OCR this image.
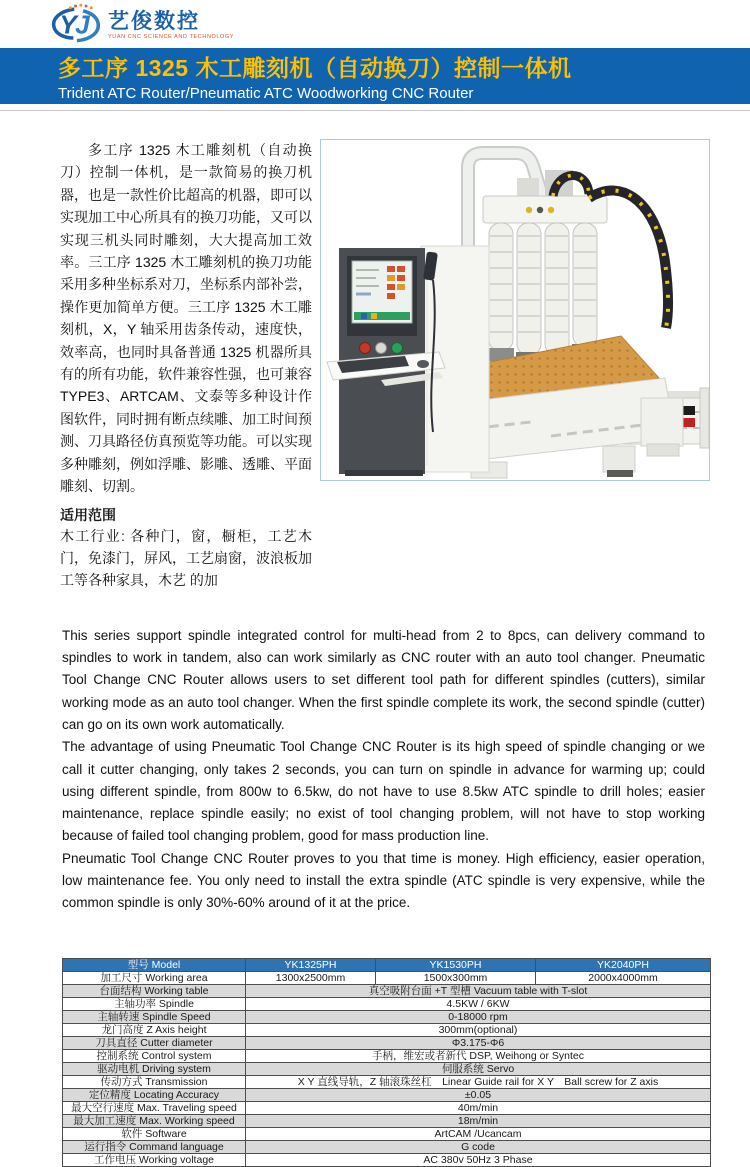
Y
J 艺俊数控
YUAN CNC SCIENCE AND TECHNOLOGY
多工序 1325 木工雕刻机（自动换刀）控制一体机
Trident ATC Router/Pneumatic ATC Woodworking CNC Router

多工序 1325 木工雕刻机（自动换刀）控制一体机，是一款简易的换刀机器，也是一款性价比超高的机器，即可以实现加工中心所具有的换刀功能，又可以实现三机头同时雕刻，大大提高加工效率。三工序 1325 木工雕刻机的换刀功能采用多种坐标系对刀，坐标系内部补尝，操作更加简单方便。三工序 1325 木工雕刻机，X，Y 轴采用齿条传动，速度快，效率高，也同时具备普通 1325 机器所具有的所有功能，软件兼容性强，也可兼容 TYPE3、ARTCAM、文泰等多种设计作图软件，同时拥有断点续雕、加工时间预测、刀具路径仿真预览等功能。可以实现多种雕刻，例如浮雕、影雕、透雕、平面雕刻、切割。

适用范围

木工行业: 各种门，窗，橱柜，工艺木门，免漆门，屏风，工艺扇窗，波浪板加工等各种家具，木艺 的加

This series support spindle integrated control for multi-head from 2 to 8pcs, can delivery command to spindles to work in tandem, also can work similarly as CNC router with an auto tool changer. Pneumatic Tool Change CNC Router allows users to set different tool path for different spindles (cutters), similar working mode as an auto tool changer. When the first spindle complete its work, the second spindle (cutter) can go on its own work automatically.

The advantage of using Pneumatic Tool Change CNC Router is its high speed of spindle changing or we call it cutter changing, only takes 2 seconds, you can turn on spindle in advance for warming up; could using different spindle, from 800w to 6.5kw, do not have to use 8.5kw ATC spindle to drill holes; easier maintenance, replace spindle easily; no exist of tool changing problem, will not have to stop working because of failed tool changing problem, good for mass production line.

Pneumatic Tool Change CNC Router proves to you that time is money. High efficiency, easier operation, low maintenance fee. You only need to install the extra spindle (ATC spindle is very expensive, while the common spindle is only 30%-60% around of it at the price.

型号 Model	YK1325PH	YK1530PH	YK2040PH
加工尺寸 Working area	1300x2500mm	1500x300mm	2000x4000mm
台面结构 Working table	真空吸附台面 +T 型槽 Vacuum table with T-slot		
主轴功率 Spindle	4.5KW / 6KW		
主轴转速 Spindle Speed	0-18000 rpm		
龙门高度 Z Axis height	300mm(optional)		
刀具直径 Cutter diameter	Φ3.175-Φ6		
控制系统 Control system	手柄，维宏或者新代 DSP, Weihong or Syntec		
驱动电机 Driving system	伺服系统 Servo		
传动方式 Transmission	X Y 直线导轨，Z 轴滚珠丝杠　Linear Guide rail for X Y　Ball screw for Z axis		
定位精度 Locating Accuracy	±0.05		
最大空行速度 Max. Traveling speed	40m/min		
最大加工速度 Max. Working speed	18m/min		
软件 Software	ArtCAM /Ucancam		
运行指令 Command language	G code		
工作电压 Working voltage	AC 380v 50Hz 3 Phase		
